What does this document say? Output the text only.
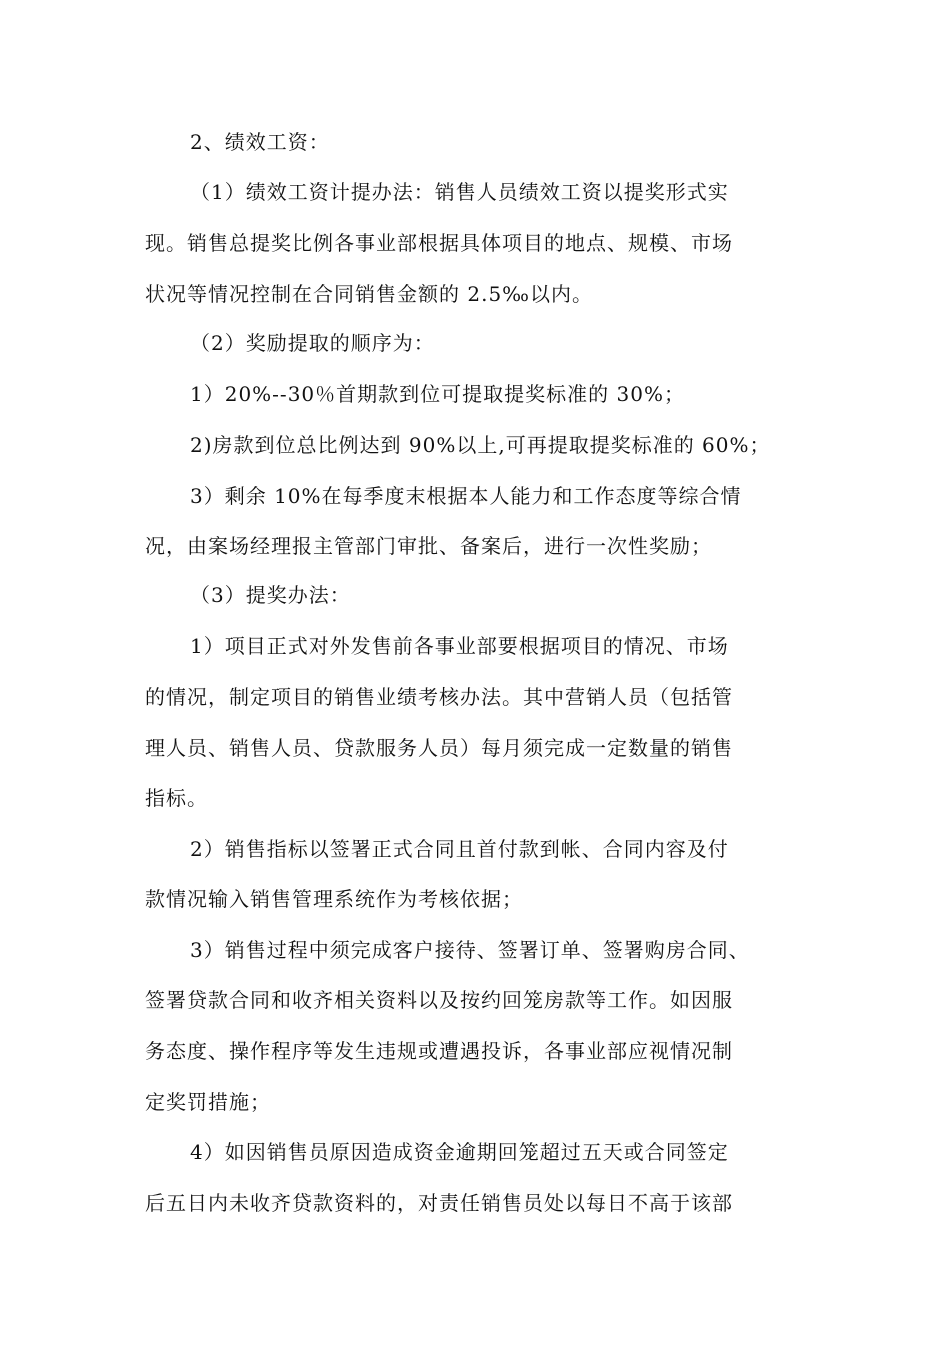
2、绩效工资：
（1）绩效工资计提办法：销售人员绩效工资以提奖形式实
现。销售总提奖比例各事业部根据具体项目的地点、规模、市场
状况等情况控制在合同销售金额的 2.5‰以内。
（2）奖励提取的顺序为：
1）20%--30％首期款到位可提取提奖标准的 30%；
2)房款到位总比例达到 90%以上,可再提取提奖标准的 60%；
3）剩余 10%在每季度末根据本人能力和工作态度等综合情
况，由案场经理报主管部门审批、备案后，进行一次性奖励；
（3）提奖办法：
1）项目正式对外发售前各事业部要根据项目的情况、市场
的情况，制定项目的销售业绩考核办法。其中营销人员（包括管
理人员、销售人员、贷款服务人员）每月须完成一定数量的销售
指标。
2）销售指标以签署正式合同且首付款到帐、合同内容及付
款情况输入销售管理系统作为考核依据；
3）销售过程中须完成客户接待、签署订单、签署购房合同、
签署贷款合同和收齐相关资料以及按约回笼房款等工作。如因服
务态度、操作程序等发生违规或遭遇投诉，各事业部应视情况制
定奖罚措施；
4）如因销售员原因造成资金逾期回笼超过五天或合同签定
后五日内未收齐贷款资料的，对责任销售员处以每日不高于该部
